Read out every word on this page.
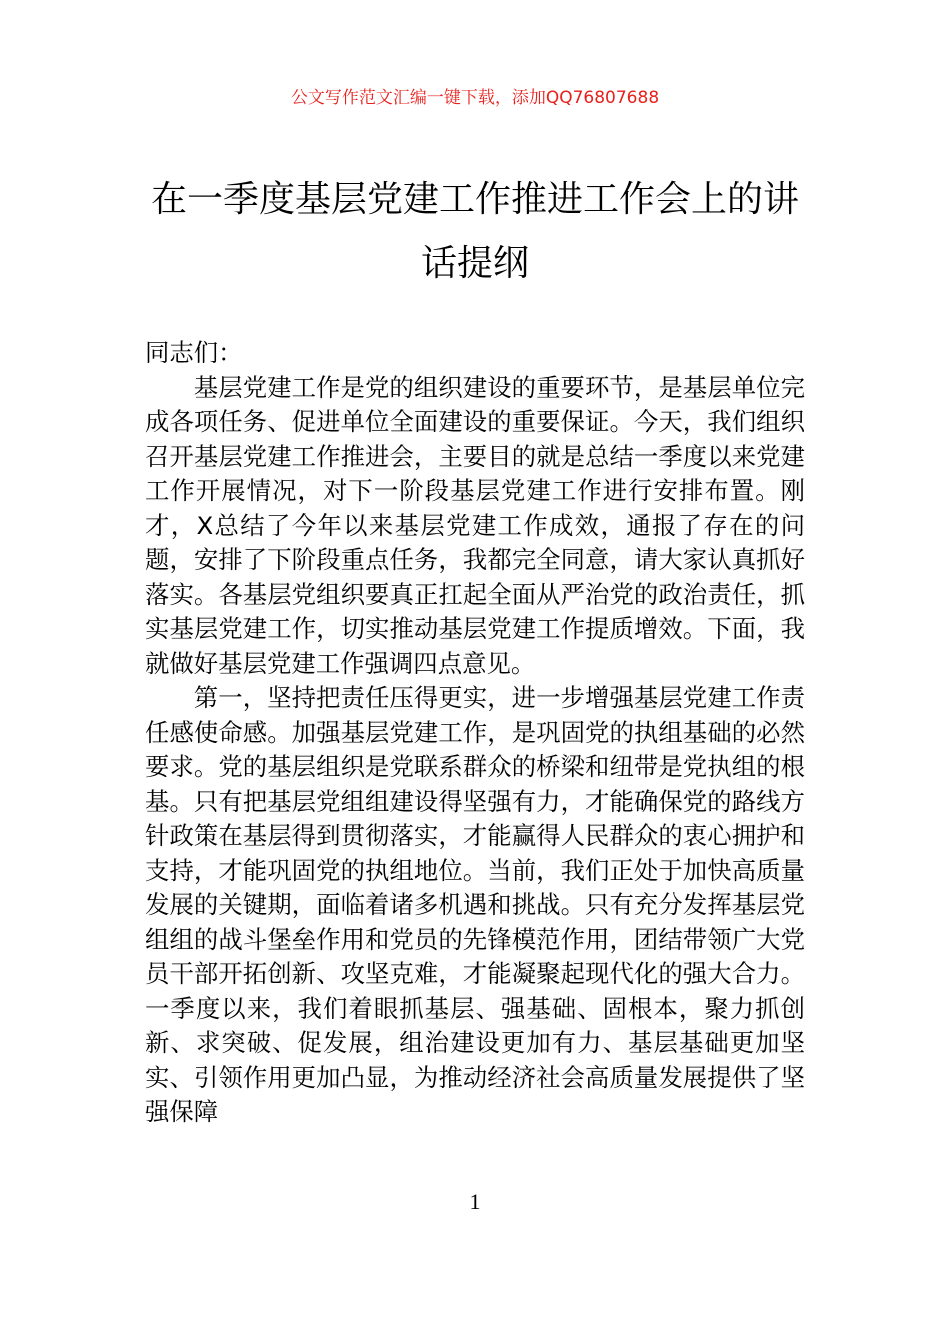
公文写作范文汇编一键下载，添加QQ76807688
在一季度基层党建工作推进工作会上的讲话提纲

同志们：

基层党建工作是党的组织建设的重要环节，是基层单位完成各项任务、促进单位全面建设的重要保证。今天，我们组织召开基层党建工作推进会，主要目的就是总结一季度以来党建工作开展情况，对下一阶段基层党建工作进行安排布置。刚才，X总结了今年以来基层党建工作成效，通报了存在的问题，安排了下阶段重点任务，我都完全同意，请大家认真抓好落实。各基层党组织要真正扛起全面从严治党的政治责任，抓实基层党建工作，切实推动基层党建工作提质增效。下面，我就做好基层党建工作强调四点意见。

第一，坚持把责任压得更实，进一步增强基层党建工作责任感使命感。加强基层党建工作，是巩固党的执组基础的必然要求。党的基层组织是党联系群众的桥梁和纽带是党执组的根基。只有把基层党组组建设得坚强有力，才能确保党的路线方针政策在基层得到贯彻落实，才能赢得人民群众的衷心拥护和支持，才能巩固党的执组地位。当前，我们正处于加快高质量发展的关键期，面临着诸多机遇和挑战。只有充分发挥基层党组组的战斗堡垒作用和党员的先锋模范作用，团结带领广大党员干部开拓创新、攻坚克难，才能凝聚起现代化的强大合力。一季度以来，我们着眼抓基层、强基础、固根本，聚力抓创新、求突破、促发展，组治建设更加有力、基层基础更加坚实、引领作用更加凸显，为推动经济社会高质量发展提供了坚强保障

1
